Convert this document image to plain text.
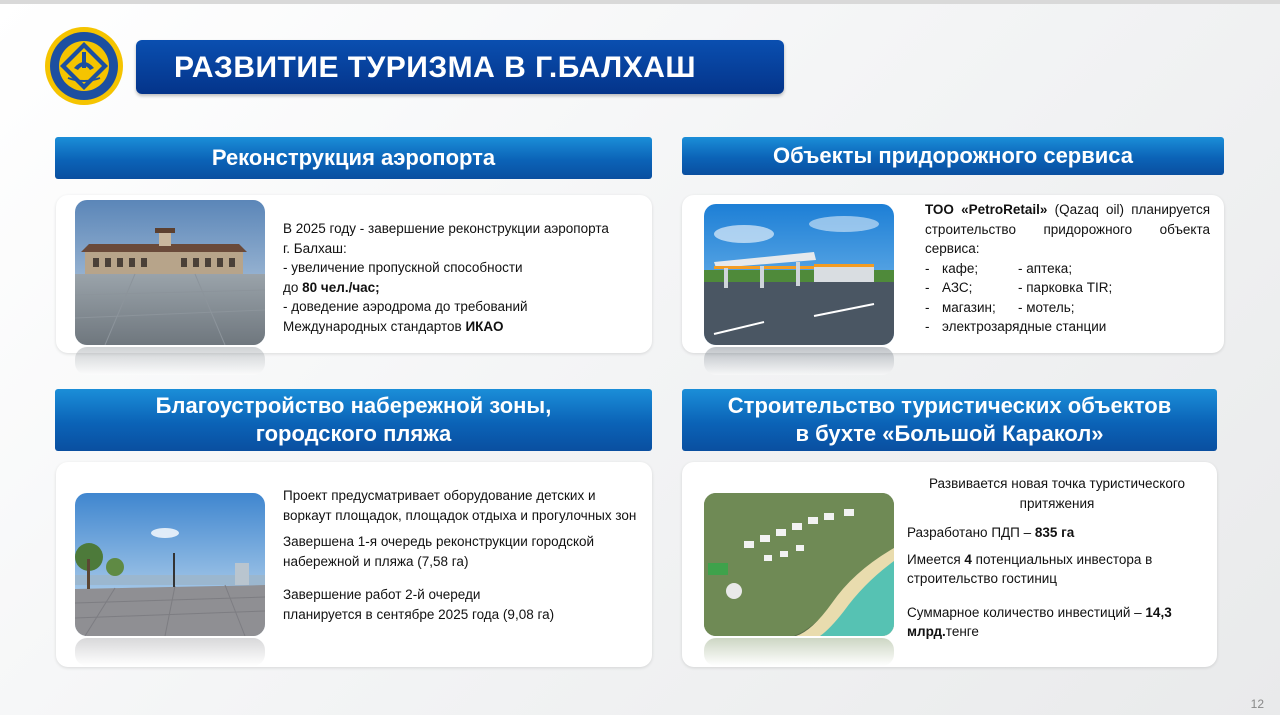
РАЗВИТИЕ ТУРИЗМА В Г.БАЛХАШ
Реконструкция аэропорта	Объекты придорожного сервиса
Благоустройство набережной зоны,
городского пляжа
Строительство туристических объектов
в бухте «Большой Каракол»
В 2025 году - завершение реконструкции аэропорта
г. Балхаш:
- увеличение пропускной способности
до 80 чел./час;
- доведение аэродрома до требований
Международных стандартов ИКАО
ТОО «PetroRetail» (Qazaq oil) планируется строительство придорожного объекта сервиса:
- кафе;	- аптека;
- АЗС;	- парковка TIR;
- магазин;	- мотель;
- электрозарядные станции
Проект предусматривает оборудование детских и воркаут площадок, площадок отдыха и прогулочных зон
Завершена 1-я очередь реконструкции городской набережной и пляжа (7,58 га)
Завершение работ 2-й очереди
планируется в сентябре 2025 года (9,08 га)
Развивается новая точка туристического притяжения
Разработано ПДП – 835 га
Имеется 4 потенциальных инвестора в строительство гостиниц
Суммарное количество инвестиций – 14,3 млрд.тенге
12
